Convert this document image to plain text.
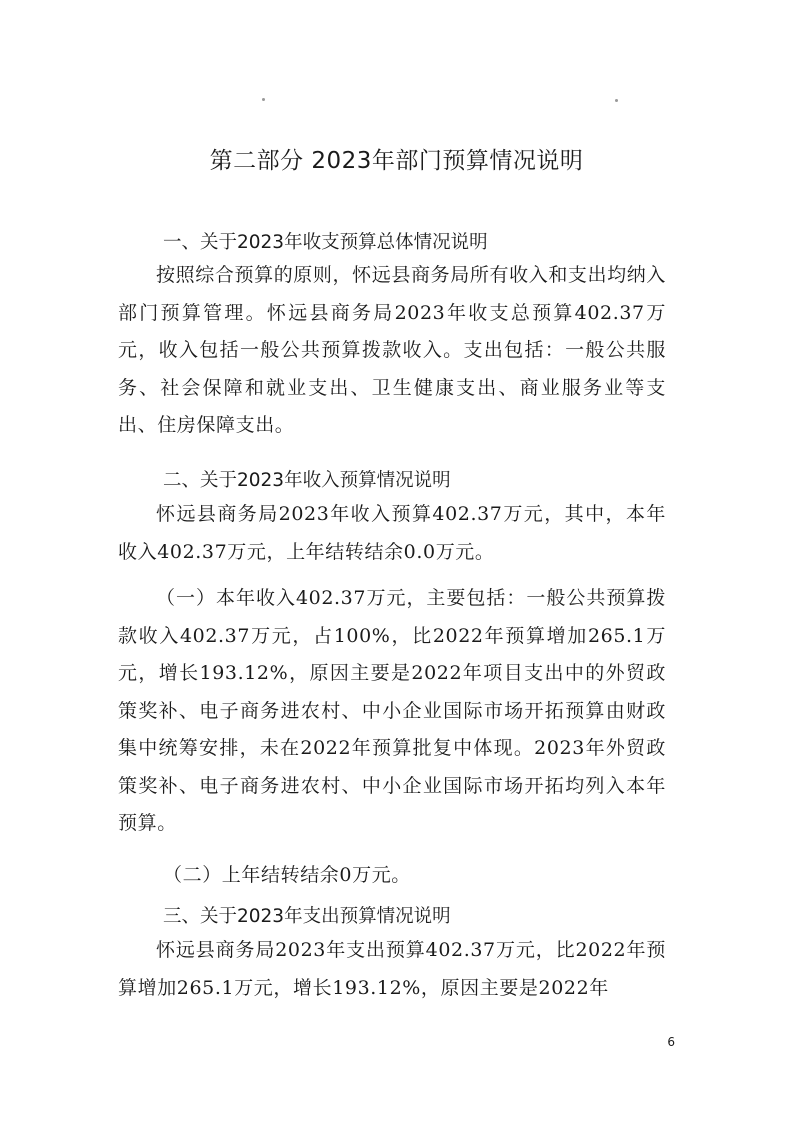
第二部分 2023年部门预算情况说明
一、关于2023年收支预算总体情况说明
按照综合预算的原则，怀远县商务局所有收入和支出均纳入部门预算管理。怀远县商务局2023年收支总预算402.37万元，收入包括一般公共预算拨款收入。支出包括：一般公共服务、社会保障和就业支出、卫生健康支出、商业服务业等支出、住房保障支出。
二、关于2023年收入预算情况说明
怀远县商务局2023年收入预算402.37万元，其中，本年收入402.37万元，上年结转结余0.0万元。
（一）本年收入402.37万元，主要包括：一般公共预算拨款收入402.37万元，占100%，比2022年预算增加265.1万元，增长193.12%，原因主要是2022年项目支出中的外贸政策奖补、电子商务进农村、中小企业国际市场开拓预算由财政集中统筹安排，未在2022年预算批复中体现。2023年外贸政策奖补、电子商务进农村、中小企业国际市场开拓均列入本年预算。
（二）上年结转结余0万元。
三、关于2023年支出预算情况说明
怀远县商务局2023年支出预算402.37万元，比2022年预算增加265.1万元，增长193.12%，原因主要是2022年
6
